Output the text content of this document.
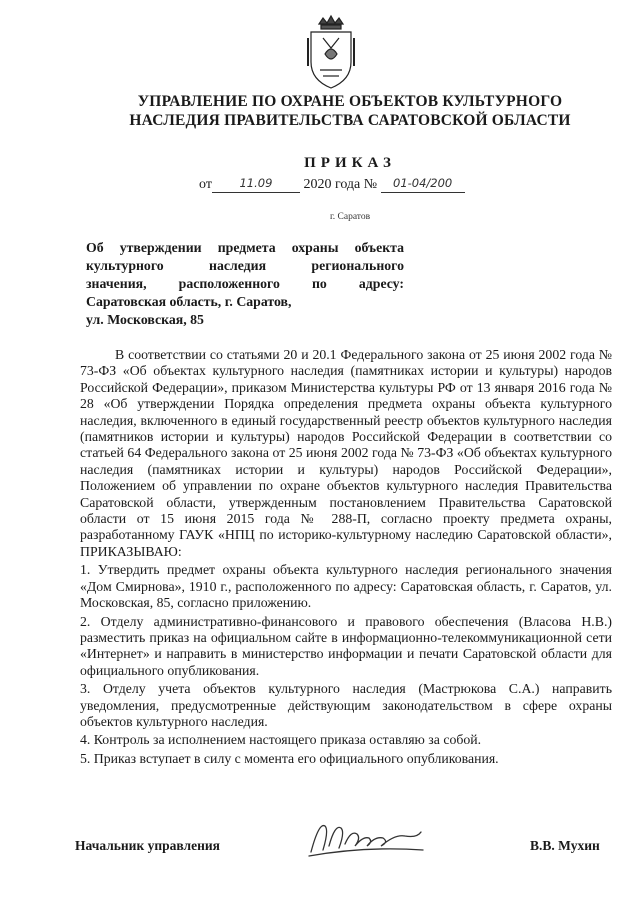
УПРАВЛЕНИЕ ПО ОХРАНЕ ОБЪЕКТОВ КУЛЬТУРНОГО
НАСЛЕДИЯ ПРАВИТЕЛЬСТВА САРАТОВСКОЙ ОБЛАСТИ
ПРИКАЗ
от 11.09 2020 года № 01-04/200
г. Саратов
Об утверждении предмета охраны объекта
культурного наследия регионального
значения, расположенного по адресу:
Саратовская область, г. Саратов,
ул. Московская, 85

В соответствии со статьями 20 и 20.1 Федерального закона от 25 июня 2002 года № 73-ФЗ «Об объектах культурного наследия (памятниках истории и культуры) народов Российской Федерации», приказом Министерства культуры РФ от 13 января 2016 года № 28 «Об утверждении Порядка определения предмета охраны объекта культурного наследия, включенного в единый государственный реестр объектов культурного наследия (памятников истории и культуры) народов Российской Федерации в соответствии со статьей 64 Федерального закона от 25 июня 2002 года № 73-ФЗ «Об объектах культурного наследия (памятниках истории и культуры) народов Российской Федерации», Положением об управлении по охране объектов культурного наследия Правительства Саратовской области, утвержденным постановлением Правительства Саратовской области от 15 июня 2015 года № 288-П, согласно проекту предмета охраны, разработанному ГАУК «НПЦ по историко-культурному наследию Саратовской области», ПРИКАЗЫВАЮ:

1. Утвердить предмет охраны объекта культурного наследия регионального значения «Дом Смирнова», 1910 г., расположенного по адресу: Саратовская область, г. Саратов, ул. Московская, 85, согласно приложению.

2. Отделу административно-финансового и правового обеспечения (Власова Н.В.) разместить приказ на официальном сайте в информационно-телекоммуникационной сети «Интернет» и направить в министерство информации и печати Саратовской области для официального опубликования.

3. Отделу учета объектов культурного наследия (Мастрюкова С.А.) направить уведомления, предусмотренные действующим законодательством в сфере охраны объектов культурного наследия.

4. Контроль за исполнением настоящего приказа оставляю за собой.

5. Приказ вступает в силу с момента его официального опубликования.

Начальник управления	В.В. Мухин
